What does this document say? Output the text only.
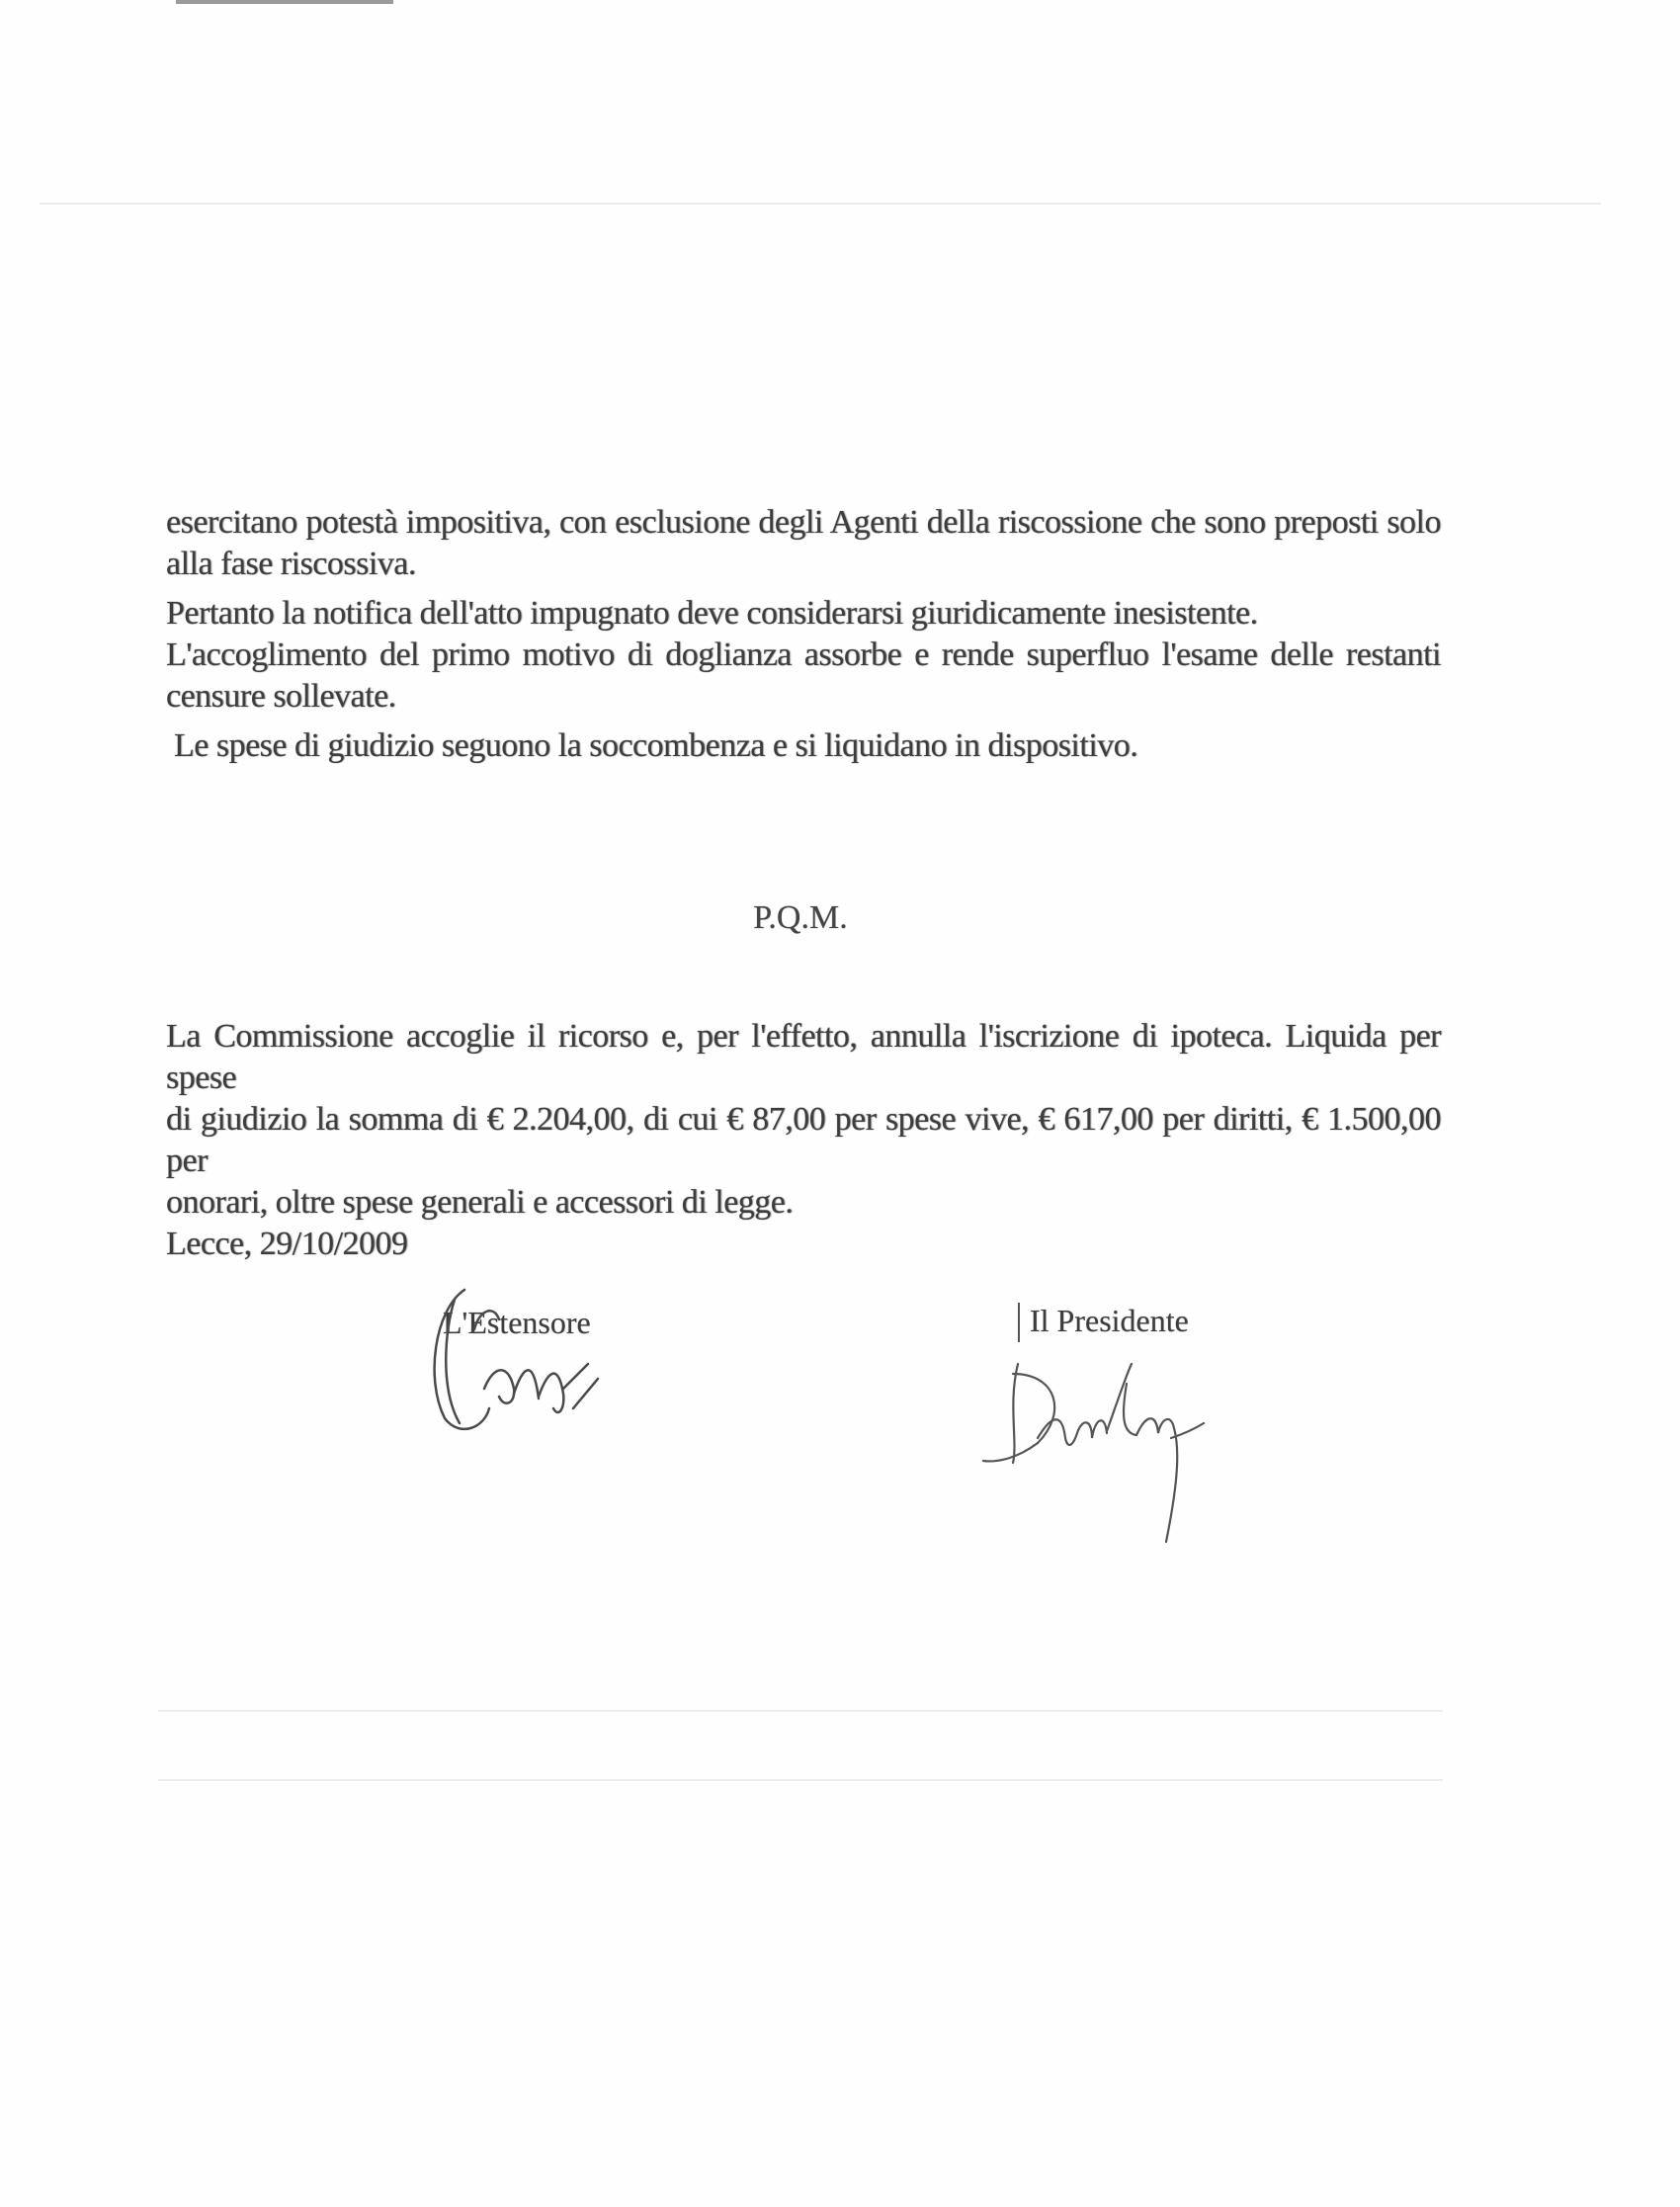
esercitano potestà impositiva, con esclusione degli Agenti della riscossione che sono preposti solo

alla fase riscossiva.

Pertanto la notifica dell'atto impugnato deve considerarsi giuridicamente inesistente.

L'accoglimento del primo motivo di doglianza assorbe e rende superfluo l'esame delle restanti

censure sollevate.

Le spese di giudizio seguono la soccombenza e si liquidano in dispositivo.

P.Q.M.

La Commissione accoglie il ricorso e, per l'effetto, annulla l'iscrizione di ipoteca. Liquida per spese

di giudizio la somma di € 2.204,00, di cui € 87,00 per spese vive, € 617,00 per diritti, € 1.500,00 per

onorari, oltre spese generali e accessori di legge.

Lecce, 29/10/2009

L'Estensore	Il Presidente
